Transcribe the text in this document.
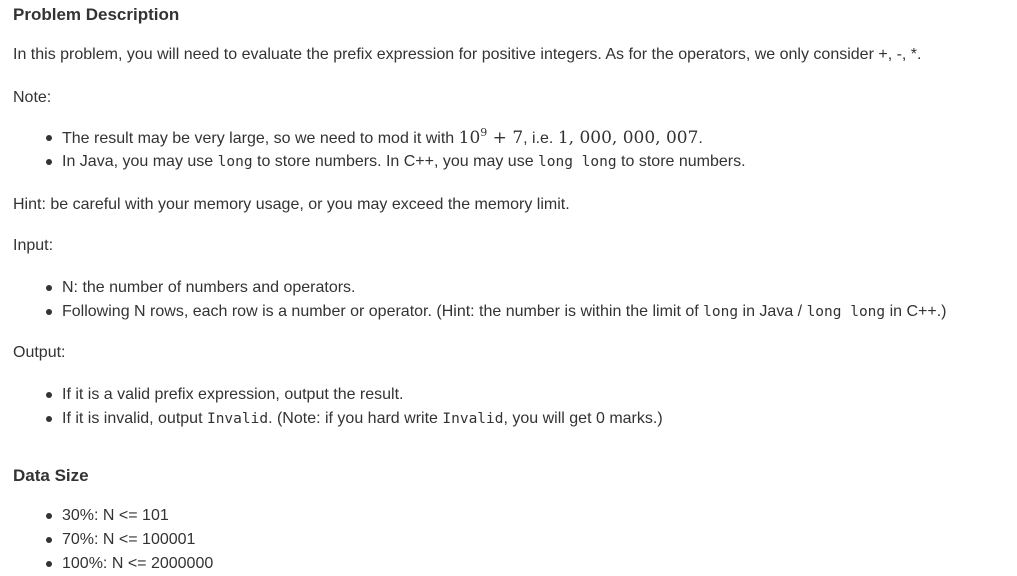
Problem Description
In this problem, you will need to evaluate the prefix expression for positive integers. As for the operators, we only consider +, -, *.
Note:
The result may be very large, so we need to mod it with $10^9 + 7$, i.e. 1, 000, 000, 007.
In Java, you may use long to store numbers. In C++, you may use long long to store numbers.
Hint: be careful with your memory usage, or you may exceed the memory limit.
Input:
N: the number of numbers and operators.
Following N rows, each row is a number or operator. (Hint: the number is within the limit of long in Java / long long in C++.)
Output:
If it is a valid prefix expression, output the result.
If it is invalid, output Invalid. (Note: if you hard write Invalid, you will get 0 marks.)
Data Size
30%: N <= 101
70%: N <= 100001
100%: N <= 2000000
